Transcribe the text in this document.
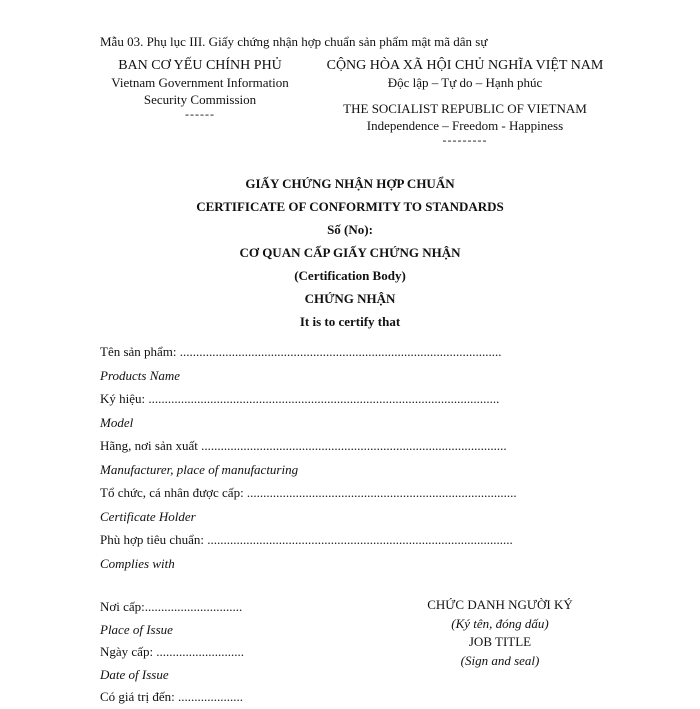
Mẫu 03. Phụ lục III. Giấy chứng nhận hợp chuẩn sản phẩm mật mã dân sự
BAN CƠ YẾU CHÍNH PHỦ
Vietnam Government Information
Security Commission
------
CỘNG HÒA XÃ HỘI CHỦ NGHĨA VIỆT NAM
Độc lập – Tự do – Hạnh phúc
THE SOCIALIST REPUBLIC OF VIETNAM
Independence – Freedom - Happiness
---------
GIẤY CHỨNG NHẬN HỢP CHUẨN
CERTIFICATE OF CONFORMITY TO STANDARDS
Số (No):
CƠ QUAN CẤP GIẤY CHỨNG NHẬN
(Certification Body)
CHỨNG NHẬN
It is to certify that
Tên sản phẩm: ...................................................................................................
Products Name
Ký hiệu: ............................................................................................................
Model
Hãng, nơi sản xuất ..............................................................................................
Manufacturer, place of manufacturing
Tổ chức, cá nhân được cấp: ...................................................................................
Certificate Holder
Phù hợp tiêu chuẩn: ..............................................................................................
Complies with
Nơi cấp:..............................
Place of Issue
Ngày cấp: ...........................
Date of Issue
Có giá trị đến: ....................
CHỨC DANH NGƯỜI KÝ
(Ký tên, đóng dấu)
JOB TITLE
(Sign and seal)
